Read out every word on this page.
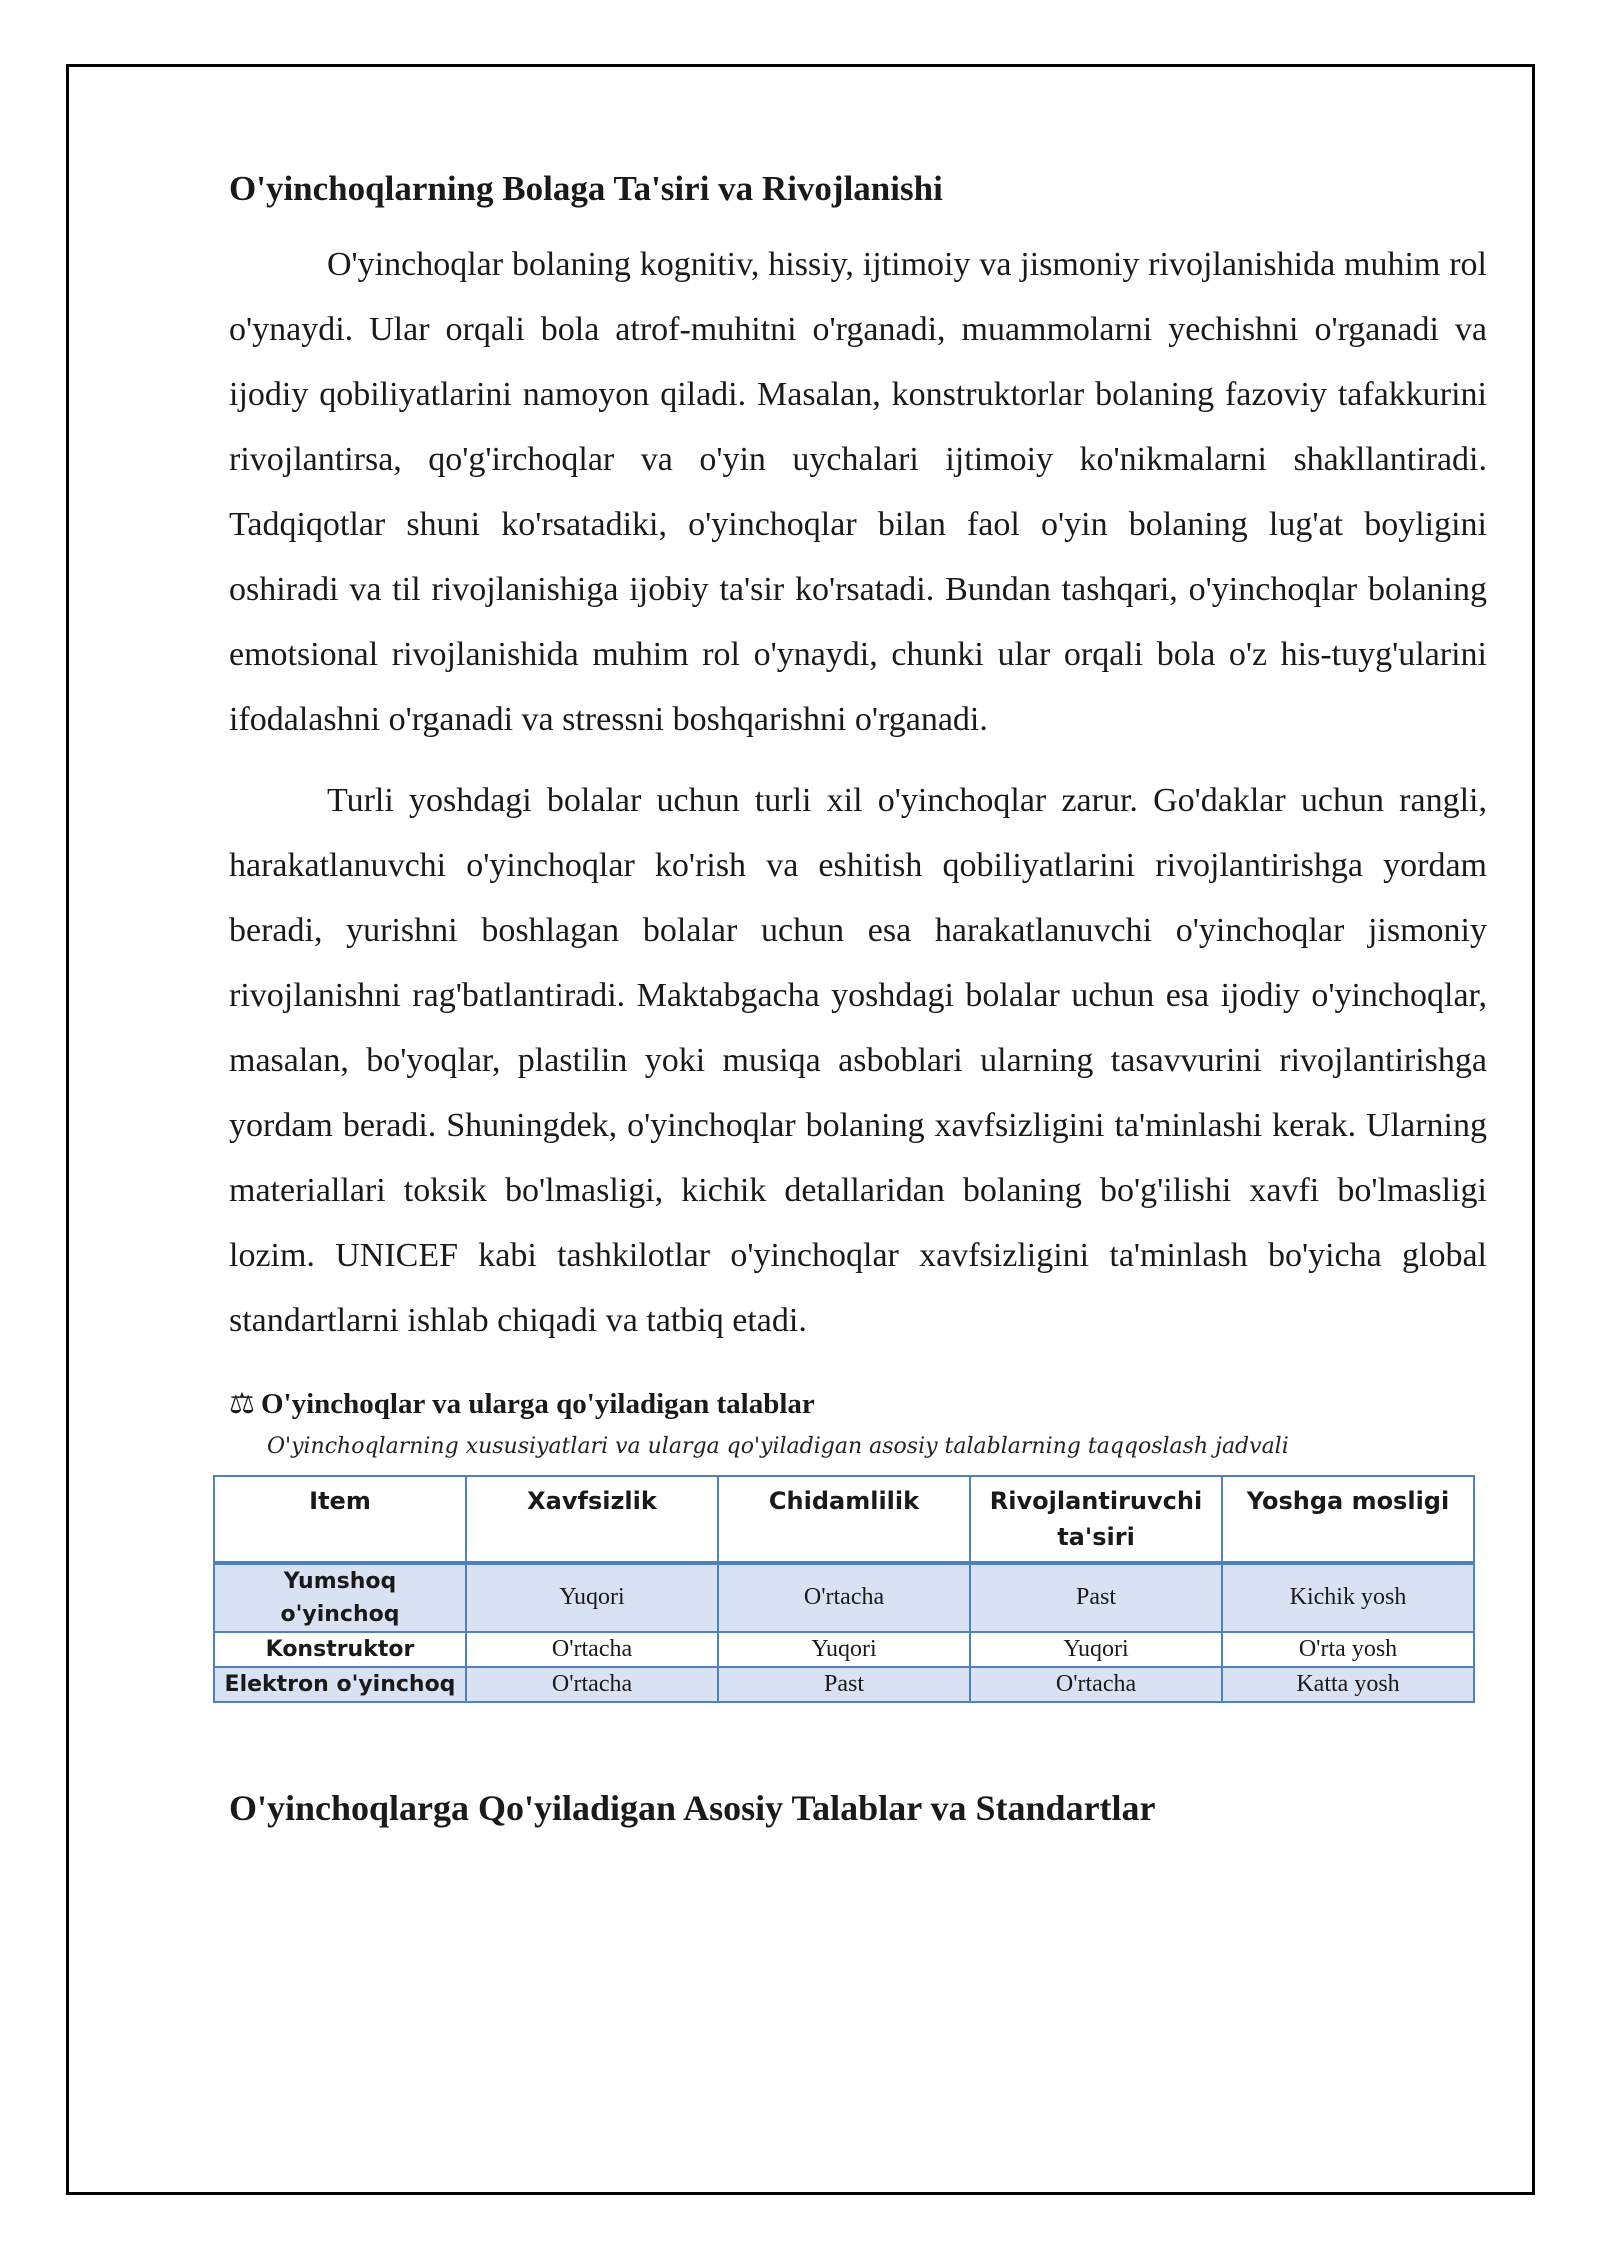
O'yinchoqlarning Bolaga Ta'siri va Rivojlanishi

O'yinchoqlar bolaning kognitiv, hissiy, ijtimoiy va jismoniy rivojlanishida muhim rol o'ynaydi. Ular orqali bola atrof-muhitni o'rganadi, muammolarni yechishni o'rganadi va ijodiy qobiliyatlarini namoyon qiladi. Masalan, konstruktorlar bolaning fazoviy tafakkurini rivojlantirsa, qo'g'irchoqlar va o'yin uychalari ijtimoiy ko'nikmalarni shakllantiradi. Tadqiqotlar shuni ko'rsatadiki, o'yinchoqlar bilan faol o'yin bolaning lug'at boyligini oshiradi va til rivojlanishiga ijobiy ta'sir ko'rsatadi. Bundan tashqari, o'yinchoqlar bolaning emotsional rivojlanishida muhim rol o'ynaydi, chunki ular orqali bola o'z his-tuyg'ularini ifodalashni o'rganadi va stressni boshqarishni o'rganadi.

Turli yoshdagi bolalar uchun turli xil o'yinchoqlar zarur. Go'daklar uchun rangli, harakatlanuvchi o'yinchoqlar ko'rish va eshitish qobiliyatlarini rivojlantirishga yordam beradi, yurishni boshlagan bolalar uchun esa harakatlanuvchi o'yinchoqlar jismoniy rivojlanishni rag'batlantiradi. Maktabgacha yoshdagi bolalar uchun esa ijodiy o'yinchoqlar, masalan, bo'yoqlar, plastilin yoki musiqa asboblari ularning tasavvurini rivojlantirishga yordam beradi. Shuningdek, o'yinchoqlar bolaning xavfsizligini ta'minlashi kerak. Ularning materiallari toksik bo'lmasligi, kichik detallaridan bolaning bo'g'ilishi xavfi bo'lmasligi lozim. UNICEF kabi tashkilotlar o'yinchoqlar xavfsizligini ta'minlash bo'yicha global standartlarni ishlab chiqadi va tatbiq etadi.

⚖ O'yinchoqlar va ularga qo'yiladigan talablar
O'yinchoqlarning xususiyatlari va ularga qo'yiladigan asosiy talablarning taqqoslash jadvali
Item	Xavfsizlik	Chidamlilik	Rivojlantiruvchi ta'siri	Yoshga mosligi
Yumshoq o'yinchoq	Yuqori	O'rtacha	Past	Kichik yosh
Konstruktor	O'rtacha	Yuqori	Yuqori	O'rta yosh
Elektron o'yinchoq	O'rtacha	Past	O'rtacha	Katta yosh
O'yinchoqlarga Qo'yiladigan Asosiy Talablar va Standartlar
